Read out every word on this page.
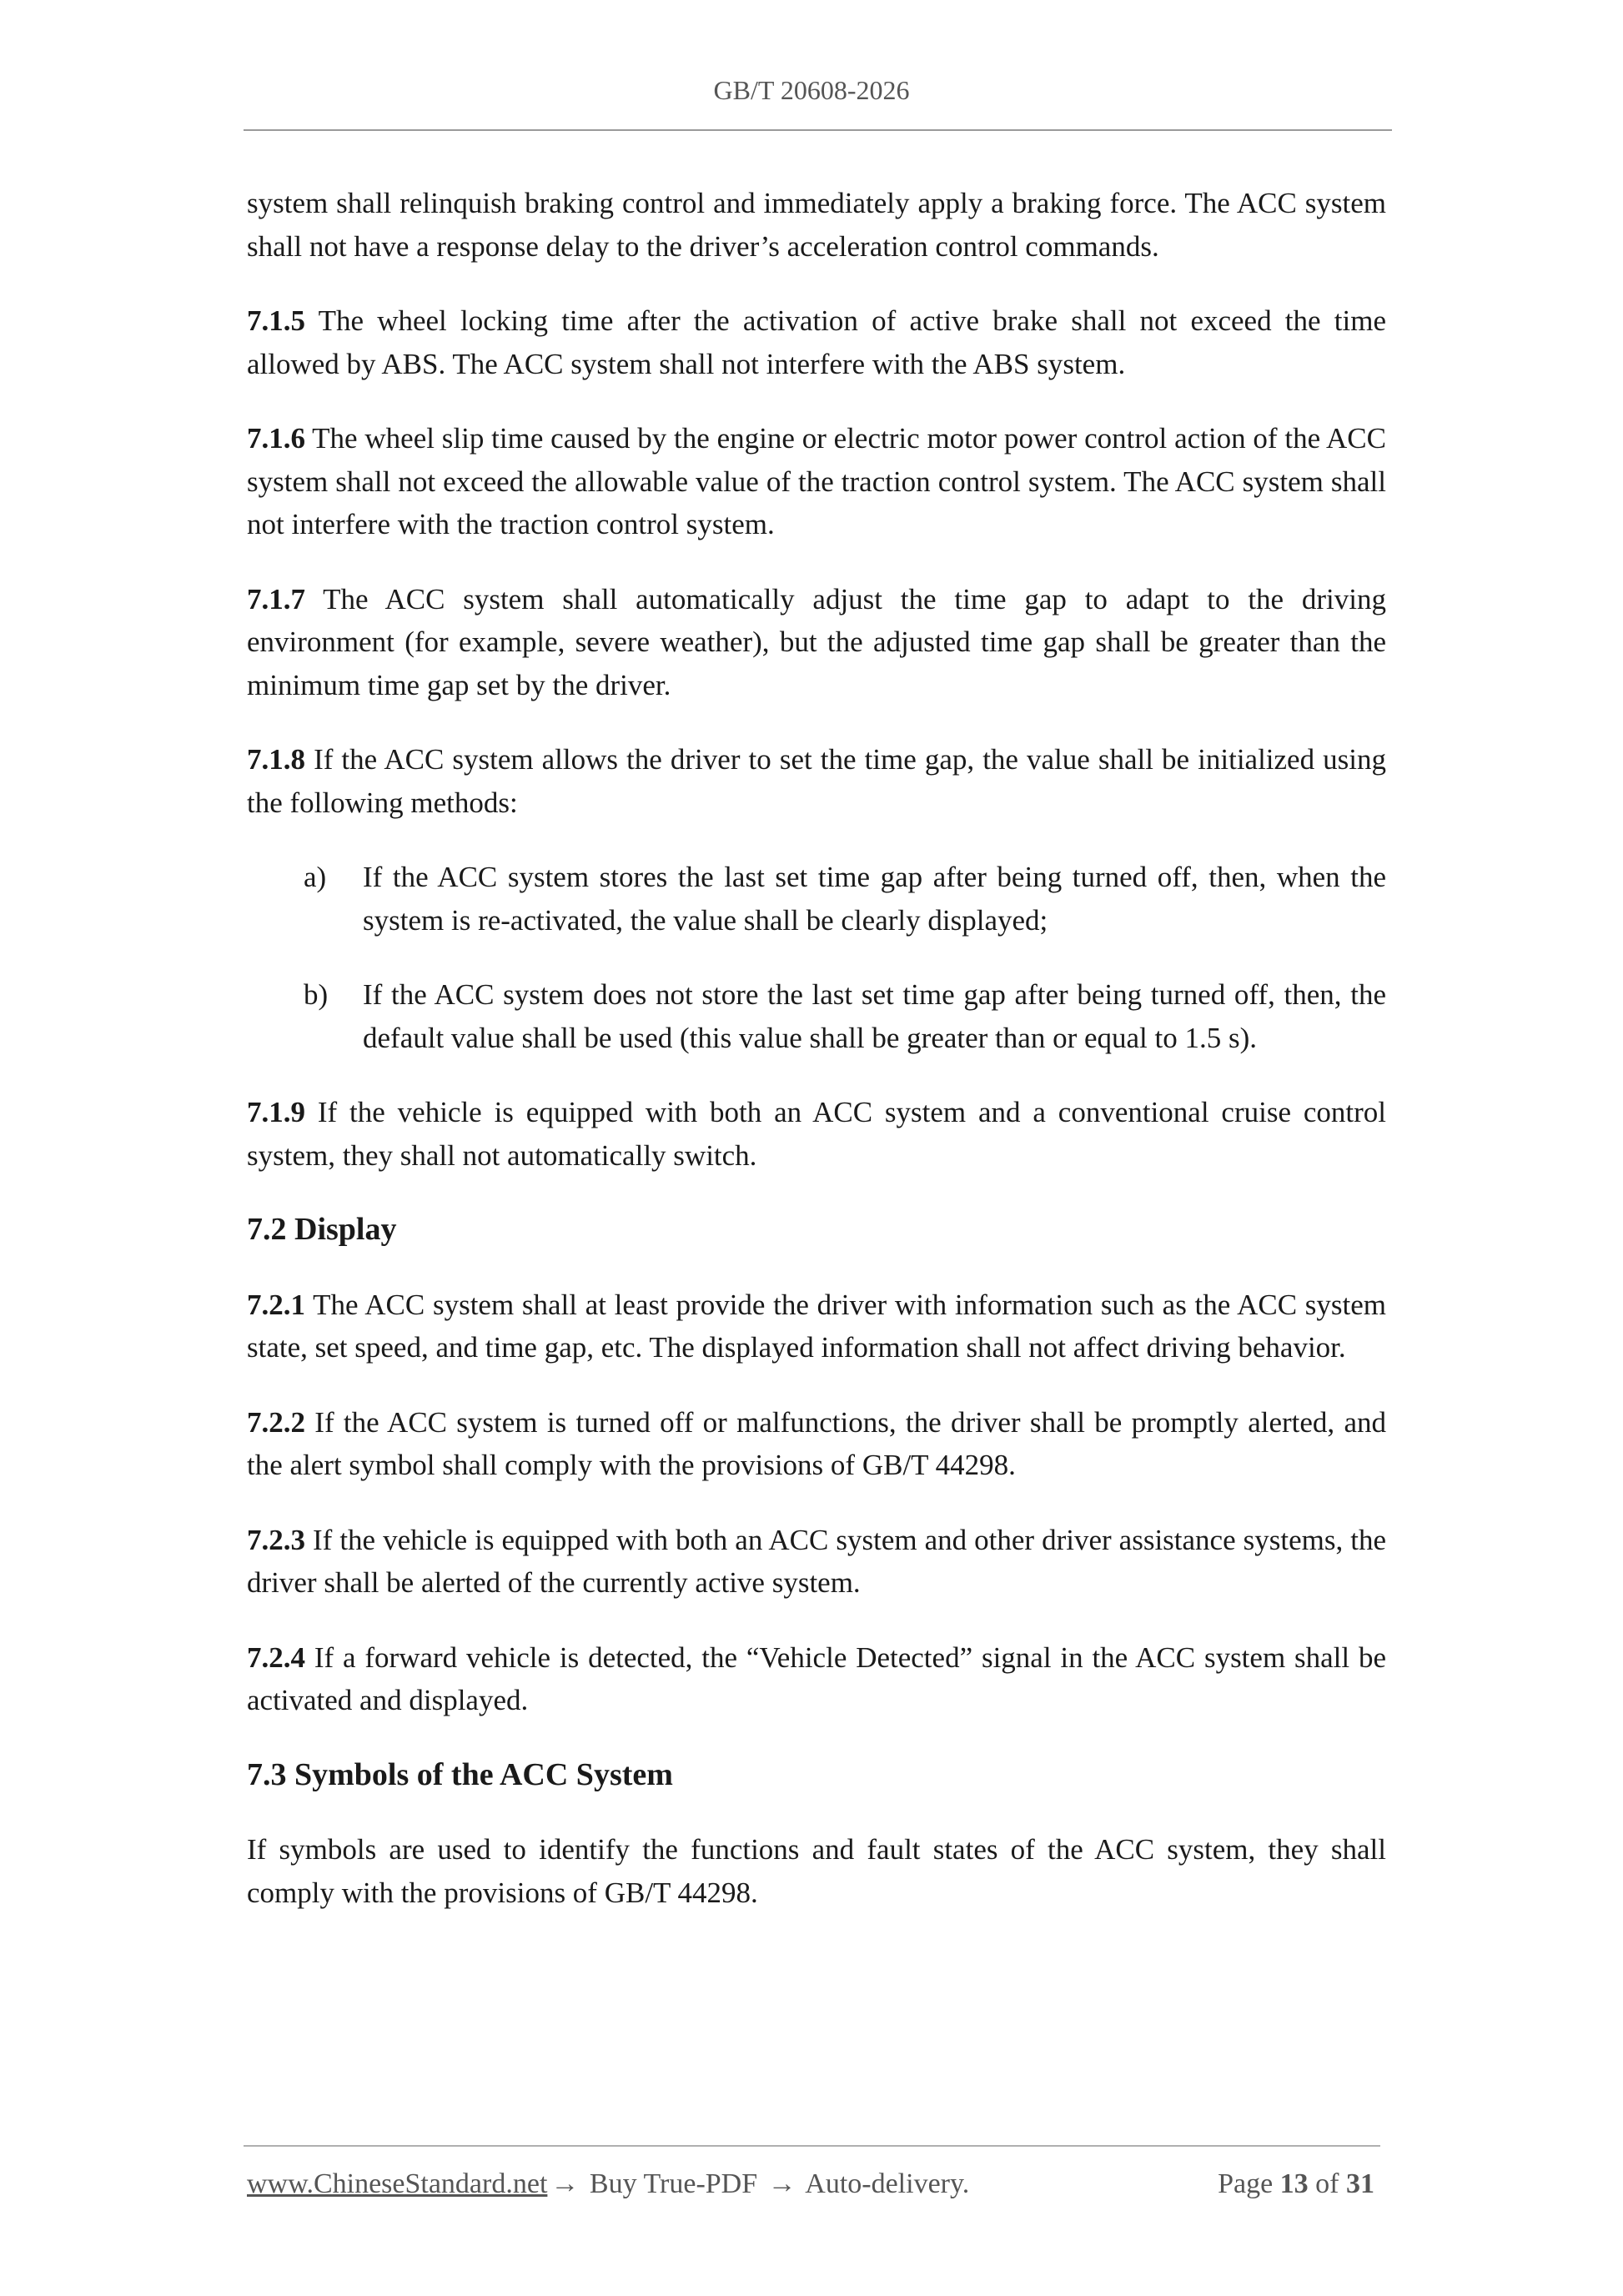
GB/T 20608-2026

system shall relinquish braking control and immediately apply a braking force. The ACC system shall not have a response delay to the driver’s acceleration control commands.

7.1.5 The wheel locking time after the activation of active brake shall not exceed the time allowed by ABS. The ACC system shall not interfere with the ABS system.

7.1.6 The wheel slip time caused by the engine or electric motor power control action of the ACC system shall not exceed the allowable value of the traction control system. The ACC system shall not interfere with the traction control system.

7.1.7 The ACC system shall automatically adjust the time gap to adapt to the driving environment (for example, severe weather), but the adjusted time gap shall be greater than the minimum time gap set by the driver.

7.1.8 If the ACC system allows the driver to set the time gap, the value shall be initialized using the following methods:

a) If the ACC system stores the last set time gap after being turned off, then, when the system is re-activated, the value shall be clearly displayed;
b) If the ACC system does not store the last set time gap after being turned off, then, the default value shall be used (this value shall be greater than or equal to 1.5 s).

7.1.9 If the vehicle is equipped with both an ACC system and a conventional cruise control system, they shall not automatically switch.

7.2 Display

7.2.1 The ACC system shall at least provide the driver with information such as the ACC system state, set speed, and time gap, etc. The displayed information shall not affect driving behavior.

7.2.2 If the ACC system is turned off or malfunctions, the driver shall be promptly alerted, and the alert symbol shall comply with the provisions of GB/T 44298.

7.2.3 If the vehicle is equipped with both an ACC system and other driver assistance systems, the driver shall be alerted of the currently active system.

7.2.4 If a forward vehicle is detected, the “Vehicle Detected” signal in the ACC system shall be activated and displayed.

7.3 Symbols of the ACC System

If symbols are used to identify the functions and fault states of the ACC system, they shall comply with the provisions of GB/T 44298.

www.ChineseStandard.net → Buy True-PDF → Auto-delivery.	Page 13 of 31
